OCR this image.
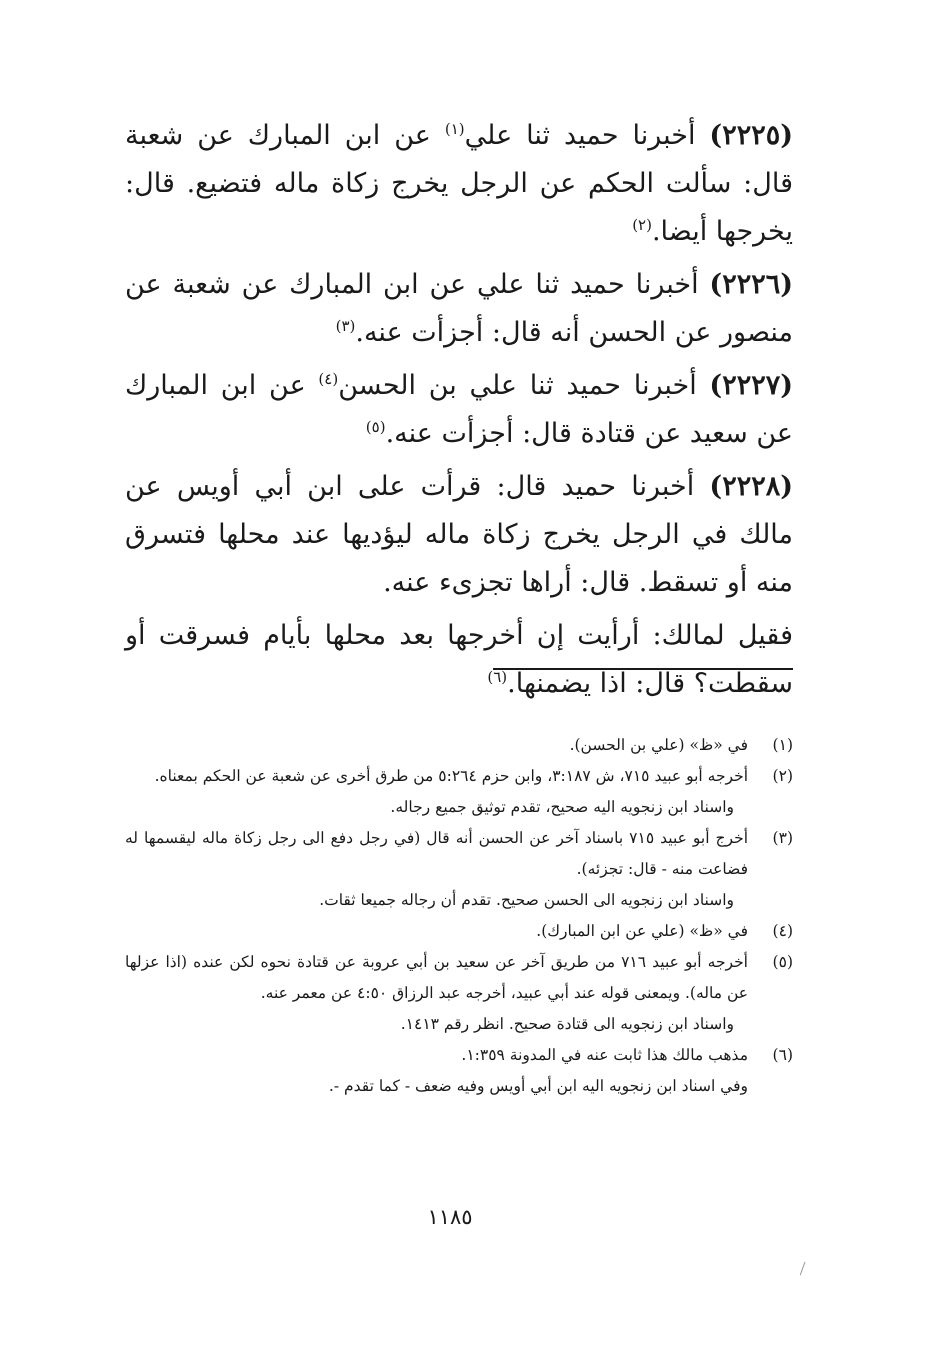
(٢٢٢٥) أخبرنا حميد ثنا علي$^{(١)}$ عن ابن المبارك عن شعبة قال: سألت الحكم عن الرجل يخرج زكاة ماله فتضيع. قال: يخرجها أيضا.$^{(٢)}$

(٢٢٢٦) أخبرنا حميد ثنا علي عن ابن المبارك عن شعبة عن منصور عن الحسن أنه قال: أجزأت عنه.$^{(٣)}$

(٢٢٢٧) أخبرنا حميد ثنا علي بن الحسن$^{(٤)}$ عن ابن المبارك عن سعيد عن قتادة قال: أجزأت عنه.$^{(٥)}$

(٢٢٢٨) أخبرنا حميد قال: قرأت على ابن أبي أويس عن مالك في الرجل يخرج زكاة ماله ليؤديها عند محلها فتسرق منه أو تسقط. قال: أراها تجزىء عنه.

فقيل لمالك: أرأيت إن أخرجها بعد محلها بأيام فسرقت أو سقطت؟ قال: اذا يضمنها.$^{(٦)}$

(١)

في «ظ» (علي بن الحسن).

(٢)

أخرجه أبو عبيد ٧١٥، ش ٣:١٨٧، وابن حزم ٥:٢٦٤ من طرق أخرى عن شعبة عن الحكم بمعناه.

واسناد ابن زنجويه اليه صحيح، تقدم توثيق جميع رجاله.

(٣)

أخرج أبو عبيد ٧١٥ باسناد آخر عن الحسن أنه قال (في رجل دفع الى رجل زكاة ماله ليقسمها له فضاعت منه - قال: تجزئه).

واسناد ابن زنجويه الى الحسن صحيح. تقدم أن رجاله جميعا ثقات.

(٤)

في «ظ» (علي عن ابن المبارك).

(٥)

أخرجه أبو عبيد ٧١٦ من طريق آخر عن سعيد بن أبي عروبة عن قتادة نحوه لكن عنده (اذا عزلها عن ماله). ويمعنى قوله عند أبي عبيد، أخرجه عبد الرزاق ٤:٥٠ عن معمر عنه.

واسناد ابن زنجويه الى قتادة صحيح. انظر رقم ١٤١٣.

(٦)

مذهب مالك هذا ثابت عنه في المدونة ١:٣٥٩.

وفي اسناد ابن زنجويه اليه ابن أبي أويس وفيه ضعف - كما تقدم -.

١١٨٥
